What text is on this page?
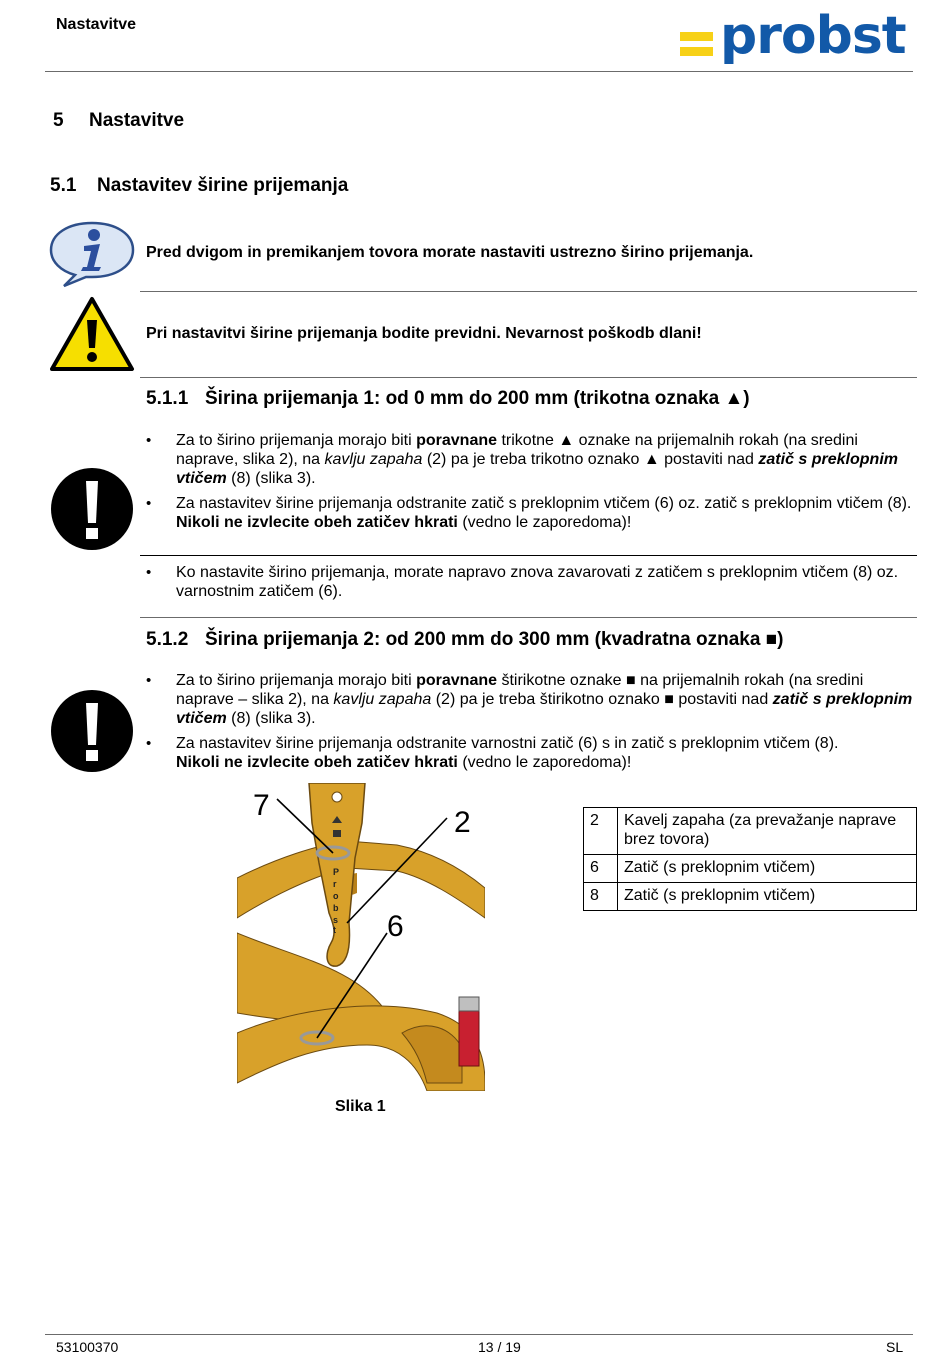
Nastavitve	probst
5 Nastavitve
5.1 Nastavitev širine prijemanja
Pred dvigom in premikanjem tovora morate nastaviti ustrezno širino prijemanja.
Pri nastavitvi širine prijemanja bodite previdni. Nevarnost poškodb dlani!
5.1.1 Širina prijemanja 1: od 0 mm do 200 mm (trikotna oznaka ▲)
• Za to širino prijemanja morajo biti poravnane trikotne ▲ oznake na prijemalnih rokah (na sredini naprave, slika 2), na kavlju zapaha (2) pa je treba trikotno oznako ▲ postaviti nad zatič s preklopnim vtičem (8) (slika 3).
• Za nastavitev širine prijemanja odstranite zatič s preklopnim vtičem (6) oz. zatič s preklopnim vtičem (8).
Nikoli ne izvlecite obeh zatičev hkrati (vedno le zaporedoma)!
• Ko nastavite širino prijemanja, morate napravo znova zavarovati z zatičem s preklopnim vtičem (8) oz. varnostnim zatičem (6).
5.1.2 Širina prijemanja 2: od 200 mm do 300 mm (kvadratna oznaka ■)
• Za to širino prijemanja morajo biti poravnane štirikotne oznake ■ na prijemalnih rokah (na sredini naprave – slika 2), na kavlju zapaha (2) pa je treba štirikotno oznako ■ postaviti nad zatič s preklopnim vtičem (8) (slika 3).
• Za nastavitev širine prijemanja odstranite varnostni zatič (6) s in zatič s preklopnim vtičem (8).
Nikoli ne izvlecite obeh zatičev hkrati (vedno le zaporedoma)!
P
r
o
b
s
t
7
2
6
Slika 1
2	Kavelj zapaha (za prevažanje naprave brez tovora)
6	Zatič (s preklopnim vtičem)
8	Zatič (s preklopnim vtičem)
53100370	13 / 19	SL
